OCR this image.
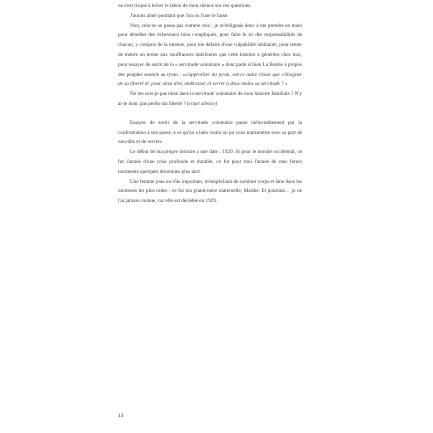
ne s'est risqué à briser le tabou de mon silence sur ces questions.

J'aurais aimé pourtant que l'un ou l'une le fasse.

Non, cela ne se passa pas comme cela ; je m'obligeais donc à me prendre en main pour démêler des écheveaux bien compliqués, pour faire le tri des responsabilités de chacun, y compris de la mienne, pour me défaire d'une culpabilité inhibante, pour tenter de mettre un terme aux souffrances intérieures que cette histoire a générées chez moi, pour essayer de sortir de la « servitude volontaire » dont parle si bien La Boétie à propos des peuples soumis au tyran : «s'approcher du tyran, est-ce autre chose que s'éloigner de sa liberté et, pour ainsi dire, embrasser et serrer à deux mains sa servitude ? »

Ne me suis-je pas mise dans la servitude volontaire de mon histoire familiale ? N'y ai-je donc pas perdu ma liberté ? (court silence)

Essayer de sortir de la servitude volontaire passe inéluctablement par la confrontation à son passé, à ce qu'on a bien voulu ou pu vous transmettre avec sa part de non-dits et de secrets.

Le début de ma propre histoire a une date : 1929. Si pour le monde occidental, ce fut l'année d'une crise profonde et durable, ce fut pour moi l'année de mes futurs tourments quelques décennies plus tard.

Une femme joua un rôle important, m'empêchant de sombrer corps et âme dans les moments les plus rudes : ce fut ma grand-mère maternelle, Marthe. Et pourtant… je ne l'ai jamais connue, car elle est décédée en 1929.

14
